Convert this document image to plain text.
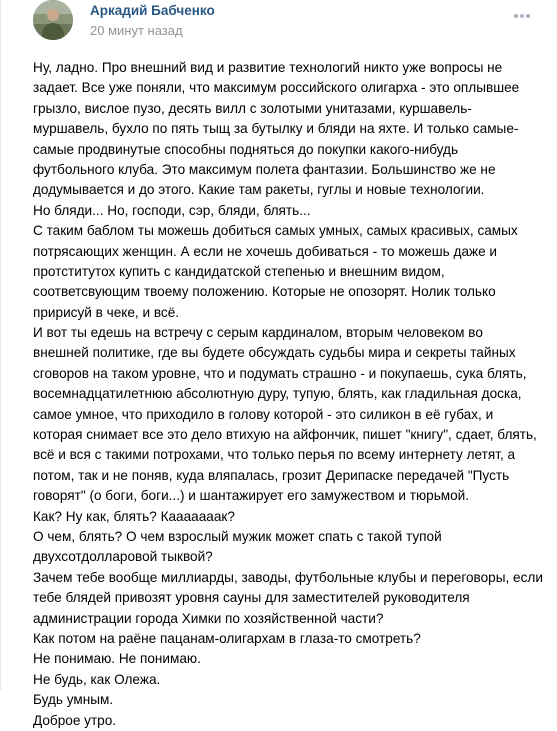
Аркадий Бабченко
20 минут назад
Ну, ладно. Про внешний вид и развитие технологий никто уже вопросы не
задает. Все уже поняли, что максимум российского олигарха - это оплывшее
грызло, вислое пузо, десять вилл с золотыми унитазами, куршавель-
муршавель, бухло по пять тыщ за бутылку и бляди на яхте. И только самые-
самые продвинутые способны подняться до покупки какого-нибудь
футбольного клуба. Это максимум полета фантазии. Большинство же не
додумывается и до этого. Какие там ракеты, гуглы и новые технологии.
Но бляди... Но, господи, сэр, бляди, блять...
С таким баблом ты можешь добиться самых умных, самых красивых, самых
потрясающих женщин. А если не хочешь добиваться - то можешь даже и
протститутох купить с кандидатской степенью и внешним видом,
соответсвующим твоему положению. Которые не опозорят. Нолик только
пририсуй в чеке, и всё.
И вот ты едешь на встречу с серым кардиналом, вторым человеком во
внешней политике, где вы будете обсуждать судьбы мира и секреты тайных
сговоров на таком уровне, что и подумать страшно - и покупаешь, сука блять,
восемнадцатилетнюю абсолютную дуру, тупую, блять, как гладильная доска,
самое умное, что приходило в голову которой - это силикон в её губах, и
которая снимает все это дело втихую на айфончик, пишет "книгу", сдает, блять,
всё и вся с такими потрохами, что только перья по всему интернету летят, а
потом, так и не поняв, куда вляпалась, грозит Дерипаске передачей "Пусть
говорят" (о боги, боги...) и шантажирует его замужеством и тюрьмой.
Как? Ну как, блять? Кааааааак?
О чем, блять? О чем взрослый мужик может спать с такой тупой
двухсотдолларовой тыквой?
Зачем тебе вообще миллиарды, заводы, футбольные клубы и переговоры, если
тебе блядей привозят уровня сауны для заместителей руководителя
администрации города Химки по хозяйственной части?
Как потом на раёне пацанам-олигархам в глаза-то смотреть?
Не понимаю. Не понимаю.
Не будь, как Олежа.
Будь умным.
Доброе утро.
